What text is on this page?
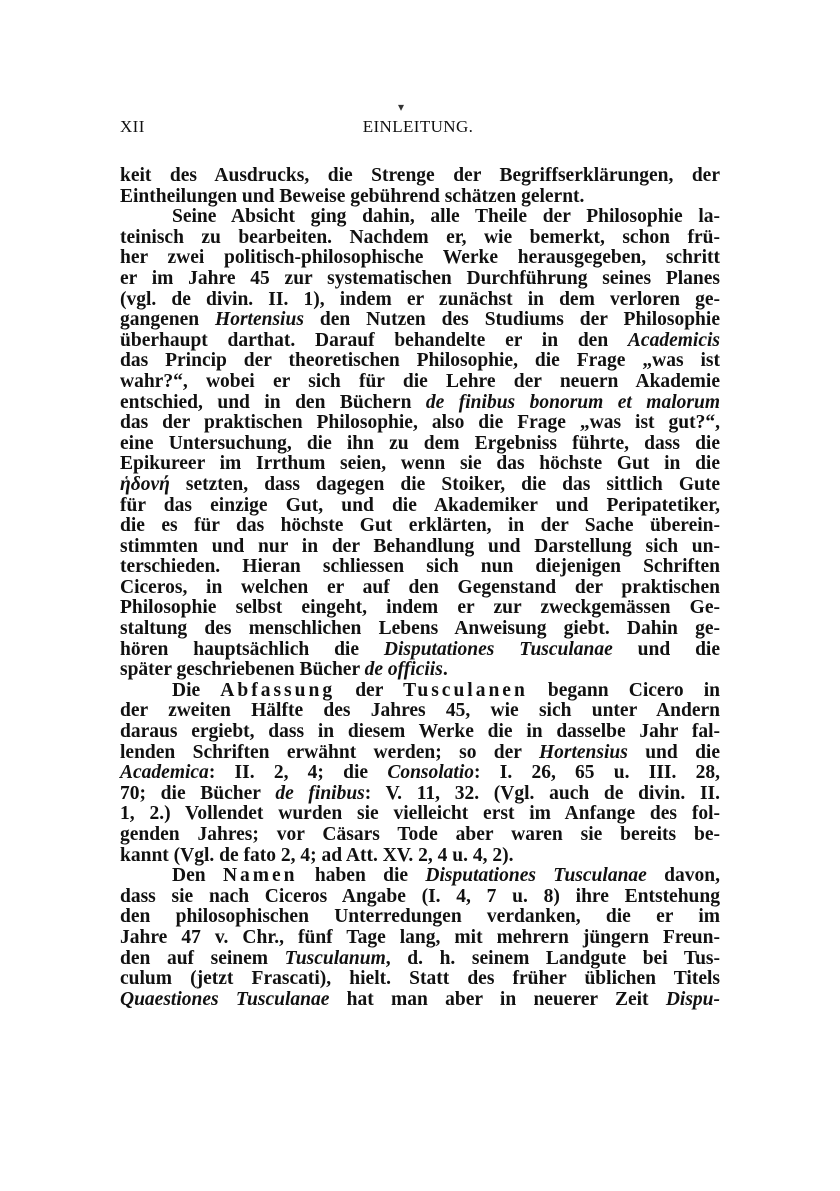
XII	EINLEITUNG.
keit des Ausdrucks, die Strenge der Begriffserklärungen, der
Eintheilungen und Beweise gebührend schätzen gelernt.
Seine Absicht ging dahin, alle Theile der Philosophie la-
teinisch zu bearbeiten. Nachdem er, wie bemerkt, schon frü-
her zwei politisch-philosophische Werke herausgegeben, schritt
er im Jahre 45 zur systematischen Durchführung seines Planes
(vgl. de divin. II. 1), indem er zunächst in dem verloren ge-
gangenen Hortensius den Nutzen des Studiums der Philosophie
überhaupt darthat. Darauf behandelte er in den Academicis
das Princip der theoretischen Philosophie, die Frage „was ist
wahr?“, wobei er sich für die Lehre der neuern Akademie
entschied, und in den Büchern de finibus bonorum et malorum
das der praktischen Philosophie, also die Frage „was ist gut?“,
eine Untersuchung, die ihn zu dem Ergebniss führte, dass die
Epikureer im Irrthum seien, wenn sie das höchste Gut in die
ἡδονή setzten, dass dagegen die Stoiker, die das sittlich Gute
für das einzige Gut, und die Akademiker und Peripatetiker,
die es für das höchste Gut erklärten, in der Sache überein-
stimmten und nur in der Behandlung und Darstellung sich un-
terschieden. Hieran schliessen sich nun diejenigen Schriften
Ciceros, in welchen er auf den Gegenstand der praktischen
Philosophie selbst eingeht, indem er zur zweckgemässen Ge-
staltung des menschlichen Lebens Anweisung giebt. Dahin ge-
hören hauptsächlich die Disputationes Tusculanae und die
später geschriebenen Bücher de officiis.
Die Abfassung der Tusculanen begann Cicero in
der zweiten Hälfte des Jahres 45, wie sich unter Andern
daraus ergiebt, dass in diesem Werke die in dasselbe Jahr fal-
lenden Schriften erwähnt werden; so der Hortensius und die
Academica: II. 2, 4; die Consolatio: I. 26, 65 u. III. 28,
70; die Bücher de finibus: V. 11, 32. (Vgl. auch de divin. II.
1, 2.) Vollendet wurden sie vielleicht erst im Anfange des fol-
genden Jahres; vor Cäsars Tode aber waren sie bereits be-
kannt (Vgl. de fato 2, 4; ad Att. XV. 2, 4 u. 4, 2).
Den Namen haben die Disputationes Tusculanae davon,
dass sie nach Ciceros Angabe (I. 4, 7 u. 8) ihre Entstehung
den philosophischen Unterredungen verdanken, die er im
Jahre 47 v. Chr., fünf Tage lang, mit mehrern jüngern Freun-
den auf seinem Tusculanum, d. h. seinem Landgute bei Tus-
culum (jetzt Frascati), hielt. Statt des früher üblichen Titels
Quaestiones Tusculanae hat man aber in neuerer Zeit Dispu-
▾
